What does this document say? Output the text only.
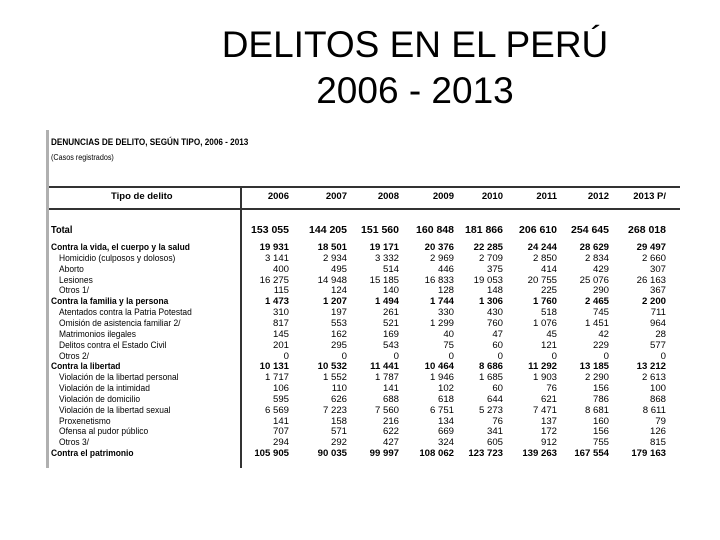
DELITOS EN EL PERÚ
2006 - 2013
DENUNCIAS DE DELITO, SEGÚN TIPO, 2006 - 2013
(Casos registrados)
Tipo de delito	2006	2007	2008	2009	2010	2011	2012	2013 P/
Total	153 055	144 205	151 560	160 848	181 866	206 610	254 645	268 018
Contra la vida, el cuerpo y la salud	19 931	18 501	19 171	20 376	22 285	24 244	28 629	29 497
Homicidio (culposos y dolosos)	3 141	2 934	3 332	2 969	2 709	2 850	2 834	2 660
Aborto	400	495	514	446	375	414	429	307
Lesiones	16 275	14 948	15 185	16 833	19 053	20 755	25 076	26 163
Otros 1/	115	124	140	128	148	225	290	367
Contra la familia y la persona	1 473	1 207	1 494	1 744	1 306	1 760	2 465	2 200
Atentados contra la Patria Potestad	310	197	261	330	430	518	745	711
Omisión de asistencia familiar 2/	817	553	521	1 299	760	1 076	1 451	964
Matrimonios ilegales	145	162	169	40	47	45	42	28
Delitos contra el Estado Civil	201	295	543	75	60	121	229	577
Otros 2/	0	0	0	0	0	0	0	0
Contra la libertad	10 131	10 532	11 441	10 464	8 686	11 292	13 185	13 212
Violación de la libertad personal	1 717	1 552	1 787	1 946	1 685	1 903	2 290	2 613
Violación de la intimidad	106	110	141	102	60	76	156	100
Violación de domicilio	595	626	688	618	644	621	786	868
Violación de la libertad sexual	6 569	7 223	7 560	6 751	5 273	7 471	8 681	8 611
Proxenetismo	141	158	216	134	76	137	160	79
Ofensa al pudor público	707	571	622	669	341	172	156	126
Otros 3/	294	292	427	324	605	912	755	815
Contra el patrimonio	105 905	90 035	99 997	108 062	123 723	139 263	167 554	179 163
